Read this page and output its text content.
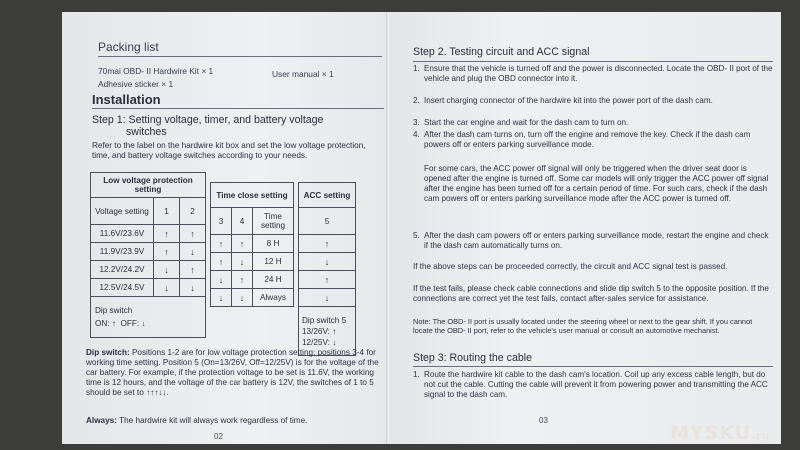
Packing list
70mai OBD- II Hardwire Kit × 1	User manual × 1
Adhesive sticker × 1
Installation
Step 1: Setting voltage, timer, and battery voltage
switches
Refer to the label on the hardwire kit box and set the low voltage protection, time, and battery voltage switches according to your needs.
Low voltage protection setting		
Voltage setting	1	2
11.6V/23.6V	↑	↑
11.9V/23.9V	↑	↓
12.2V/24.2V	↓	↑
12.5V/24.5V	↓	↓

Dip switch
ON: ↑ OFF: ↓		
Time close setting		
3	4	Time setting
↑	↑	8 H
↑	↓	12 H
↓	↑	24 H
↓	↓	Always
ACC setting
5
↑
↓
↑
↓

Dip switch 5
13/26V: ↑
12/25V: ↓
Dip switch: Positions 1-2 are for low voltage protection setting; positions 3-4 for working time setting. Position 5 (On=13/26V, Off=12/25V) is for the voltage of the car battery. For example, if the protection voltage to be set is 11.6V, the working time is 12 hours, and the voltage of the car battery is 12V, the switches of 1 to 5 should be set to ↑↑↑↓↓.
Always: The hardwire kit will always work regardless of time.
02
Step 2. Testing circuit and ACC signal
1. Ensure that the vehicle is turned off and the power is disconnected. Locate the OBD- II port of the vehicle and plug the OBD connector into it.
2. Insert charging connector of the hardwire kit into the power port of the dash cam.
3. Start the car engine and wait for the dash cam to turn on.
4. After the dash cam turns on, turn off the engine and remove the key. Check if the dash cam powers off or enters parking surveillance mode.
For some cars, the ACC power off signal will only be triggered when the driver seat door is opened after the engine is turned off. Some car models will only trigger the ACC power off signal after the engine has been turned off for a certain period of time. For such cars, check if the dash cam powers off or enters parking surveillance mode after the ACC power is turned off.
5. After the dash cam powers off or enters parking surveillance mode, restart the engine and check if the dash cam automatically turns on.
If the above steps can be proceeded correctly, the circuit and ACC signal test is passed.
If the test fails, please check cable connections and slide dip switch 5 to the opposite position. If the connections are correct yet the test fails, contact after-sales service for assistance.
Note: The OBD- II port is usually located under the steering wheel or next to the gear shift. If you cannot locate the OBD- II port, refer to the vehicle's user manual or consult an automotive mechanist.
Step 3: Routing the cable
1. Route the hardwire kit cable to the dash cam's location. Coil up any excess cable length, but do not cut the cable. Cutting the cable will prevent it from powering power and transmitting the ACC signal to the dash cam.
03
MYSKU.ru
